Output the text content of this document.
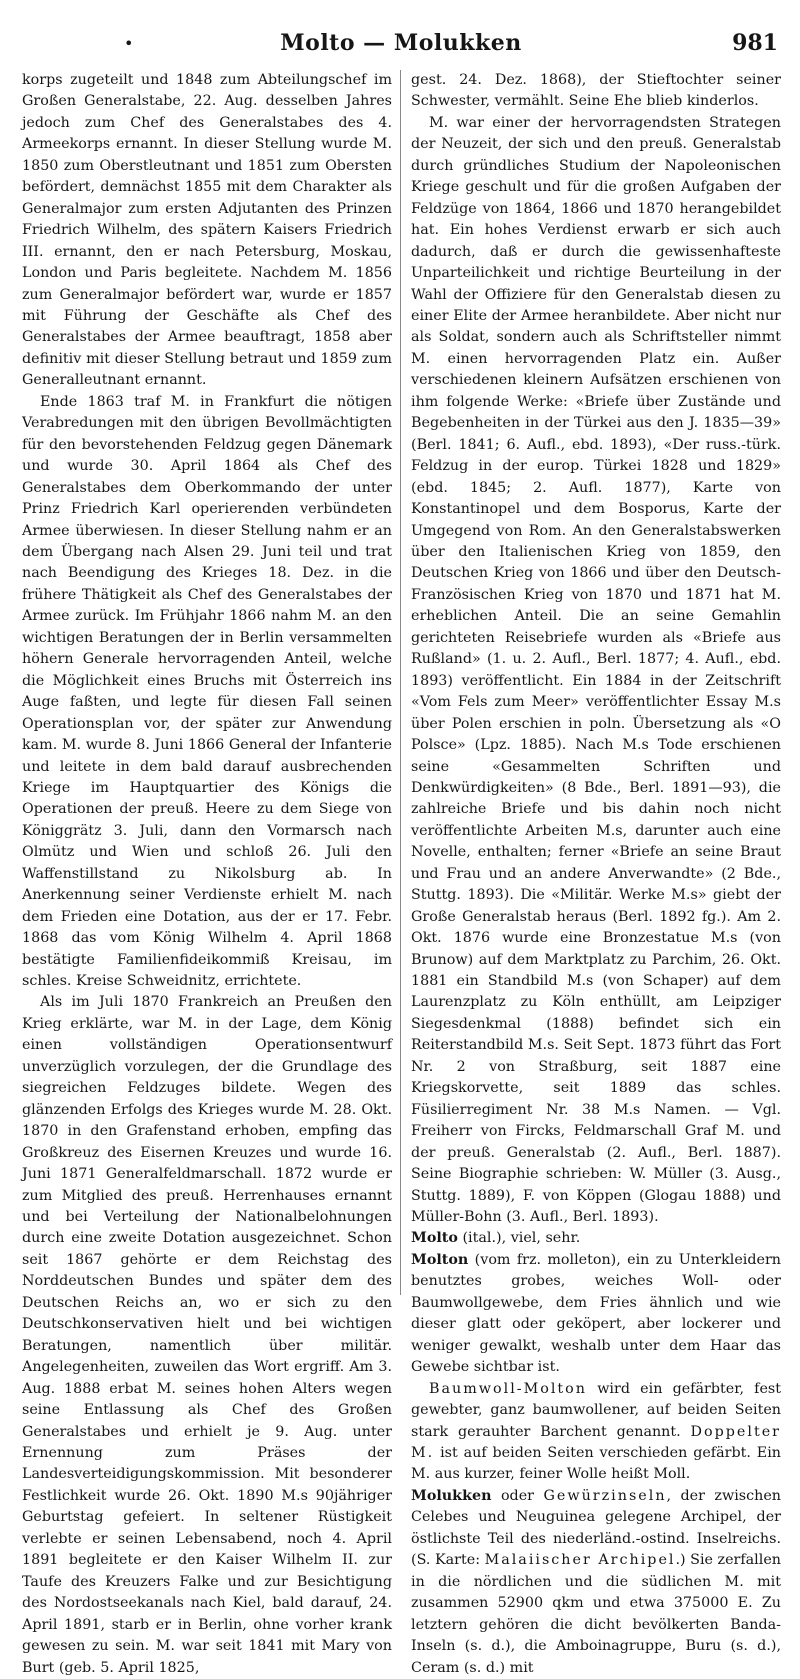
•	Molto — Molukken	981

korps zugeteilt und 1848 zum Abteilungschef im Großen Generalstabe, 22. Aug. desselben Jahres jedoch zum Chef des Generalstabes des 4. Armeekorps ernannt. In dieser Stellung wurde M. 1850 zum Oberstleutnant und 1851 zum Obersten befördert, demnächst 1855 mit dem Charakter als Generalmajor zum ersten Adjutanten des Prinzen Friedrich Wilhelm, des spätern Kaisers Friedrich III. ernannt, den er nach Petersburg, Moskau, London und Paris begleitete. Nachdem M. 1856 zum Generalmajor befördert war, wurde er 1857 mit Führung der Geschäfte als Chef des Generalstabes der Armee beauftragt, 1858 aber definitiv mit dieser Stellung betraut und 1859 zum Generalleutnant ernannt.

Ende 1863 traf M. in Frankfurt die nötigen Verabredungen mit den übrigen Bevollmächtigten für den bevorstehenden Feldzug gegen Dänemark und wurde 30. April 1864 als Chef des Generalstabes dem Oberkommando der unter Prinz Friedrich Karl operierenden verbündeten Armee überwiesen. In dieser Stellung nahm er an dem Übergang nach Alsen 29. Juni teil und trat nach Beendigung des Krieges 18. Dez. in die frühere Thätigkeit als Chef des Generalstabes der Armee zurück. Im Frühjahr 1866 nahm M. an den wichtigen Beratungen der in Berlin versammelten höhern Generale hervorragenden Anteil, welche die Möglichkeit eines Bruchs mit Österreich ins Auge faßten, und legte für diesen Fall seinen Operationsplan vor, der später zur Anwendung kam. M. wurde 8. Juni 1866 General der Infanterie und leitete in dem bald darauf ausbrechenden Kriege im Hauptquartier des Königs die Operationen der preuß. Heere zu dem Siege von Königgrätz 3. Juli, dann den Vormarsch nach Olmütz und Wien und schloß 26. Juli den Waffenstillstand zu Nikolsburg ab. In Anerkennung seiner Verdienste erhielt M. nach dem Frieden eine Dotation, aus der er 17. Febr. 1868 das vom König Wilhelm 4. April 1868 bestätigte Familienfideikommiß Kreisau, im schles. Kreise Schweidnitz, errichtete.

Als im Juli 1870 Frankreich an Preußen den Krieg erklärte, war M. in der Lage, dem König einen vollständigen Operationsentwurf unverzüglich vorzulegen, der die Grundlage des siegreichen Feldzuges bildete. Wegen des glänzenden Erfolgs des Krieges wurde M. 28. Okt. 1870 in den Grafenstand erhoben, empfing das Großkreuz des Eisernen Kreuzes und wurde 16. Juni 1871 Generalfeldmarschall. 1872 wurde er zum Mitglied des preuß. Herrenhauses ernannt und bei Verteilung der Nationalbelohnungen durch eine zweite Dotation ausgezeichnet. Schon seit 1867 gehörte er dem Reichstag des Norddeutschen Bundes und später dem des Deutschen Reichs an, wo er sich zu den Deutschkonservativen hielt und bei wichtigen Beratungen, namentlich über militär. Angelegenheiten, zuweilen das Wort ergriff. Am 3. Aug. 1888 erbat M. seines hohen Alters wegen seine Entlassung als Chef des Großen Generalstabes und erhielt je 9. Aug. unter Ernennung zum Präses der Landesverteidigungskommission. Mit besonderer Festlichkeit wurde 26. Okt. 1890 M.s 90jähriger Geburtstag gefeiert. In seltener Rüstigkeit verlebte er seinen Lebensabend, noch 4. April 1891 begleitete er den Kaiser Wilhelm II. zur Taufe des Kreuzers Falke und zur Besichtigung des Nordostseekanals nach Kiel, bald darauf, 24. April 1891, starb er in Berlin, ohne vorher krank gewesen zu sein. M. war seit 1841 mit Mary von Burt (geb. 5. April 1825,

gest. 24. Dez. 1868), der Stieftochter seiner Schwester, vermählt. Seine Ehe blieb kinderlos.

M. war einer der hervorragendsten Strategen der Neuzeit, der sich und den preuß. Generalstab durch gründliches Studium der Napoleonischen Kriege geschult und für die großen Aufgaben der Feldzüge von 1864, 1866 und 1870 herangebildet hat. Ein hohes Verdienst erwarb er sich auch dadurch, daß er durch die gewissenhafteste Unparteilichkeit und richtige Beurteilung in der Wahl der Offiziere für den Generalstab diesen zu einer Elite der Armee heranbildete. Aber nicht nur als Soldat, sondern auch als Schriftsteller nimmt M. einen hervorragenden Platz ein. Außer verschiedenen kleinern Aufsätzen erschienen von ihm folgende Werke: «Briefe über Zustände und Begebenheiten in der Türkei aus den J. 1835—39» (Berl. 1841; 6. Aufl., ebd. 1893), «Der russ.-türk. Feldzug in der europ. Türkei 1828 und 1829» (ebd. 1845; 2. Aufl. 1877), Karte von Konstantinopel und dem Bosporus, Karte der Umgegend von Rom. An den Generalstabswerken über den Italienischen Krieg von 1859, den Deutschen Krieg von 1866 und über den Deutsch-Französischen Krieg von 1870 und 1871 hat M. erheblichen Anteil. Die an seine Gemahlin gerichteten Reisebriefe wurden als «Briefe aus Rußland» (1. u. 2. Aufl., Berl. 1877; 4. Aufl., ebd. 1893) veröffentlicht. Ein 1884 in der Zeitschrift «Vom Fels zum Meer» veröffentlichter Essay M.s über Polen erschien in poln. Übersetzung als «O Polsce» (Lpz. 1885). Nach M.s Tode erschienen seine «Gesammelten Schriften und Denkwürdigkeiten» (8 Bde., Berl. 1891—93), die zahlreiche Briefe und bis dahin noch nicht veröffentlichte Arbeiten M.s, darunter auch eine Novelle, enthalten; ferner «Briefe an seine Braut und Frau und an andere Anverwandte» (2 Bde., Stuttg. 1893). Die «Militär. Werke M.s» giebt der Große Generalstab heraus (Berl. 1892 fg.). Am 2. Okt. 1876 wurde eine Bronzestatue M.s (von Brunow) auf dem Marktplatz zu Parchim, 26. Okt. 1881 ein Standbild M.s (von Schaper) auf dem Laurenzplatz zu Köln enthüllt, am Leipziger Siegesdenkmal (1888) befindet sich ein Reiterstandbild M.s. Seit Sept. 1873 führt das Fort Nr. 2 von Straßburg, seit 1887 eine Kriegskorvette, seit 1889 das schles. Füsilierregiment Nr. 38 M.s Namen. — Vgl. Freiherr von Fircks, Feldmarschall Graf M. und der preuß. Generalstab (2. Aufl., Berl. 1887). Seine Biographie schrieben: W. Müller (3. Ausg., Stuttg. 1889), F. von Köppen (Glogau 1888) und Müller-Bohn (3. Aufl., Berl. 1893).

Molto (ital.), viel, sehr.

Molton (vom frz. molleton), ein zu Unterkleidern benutztes grobes, weiches Woll- oder Baumwollgewebe, dem Fries ähnlich und wie dieser glatt oder geköpert, aber lockerer und weniger gewalkt, weshalb unter dem Haar das Gewebe sichtbar ist.

Baumwoll-Molton wird ein gefärbter, fest gewebter, ganz baumwollener, auf beiden Seiten stark gerauhter Barchent genannt. Doppelter M. ist auf beiden Seiten verschieden gefärbt. Ein M. aus kurzer, feiner Wolle heißt Moll.

Molukken oder Gewürzinseln, der zwischen Celebes und Neuguinea gelegene Archipel, der östlichste Teil des niederländ.-ostind. Inselreichs. (S. Karte: Malaiischer Archipel.) Sie zerfallen in die nördlichen und die südlichen M. mit zusammen 52900 qkm und etwa 375000 E. Zu letztern gehören die dicht bevölkerten Banda-Inseln (s. d.), die Amboinagruppe, Buru (s. d.), Ceram (s. d.) mit
